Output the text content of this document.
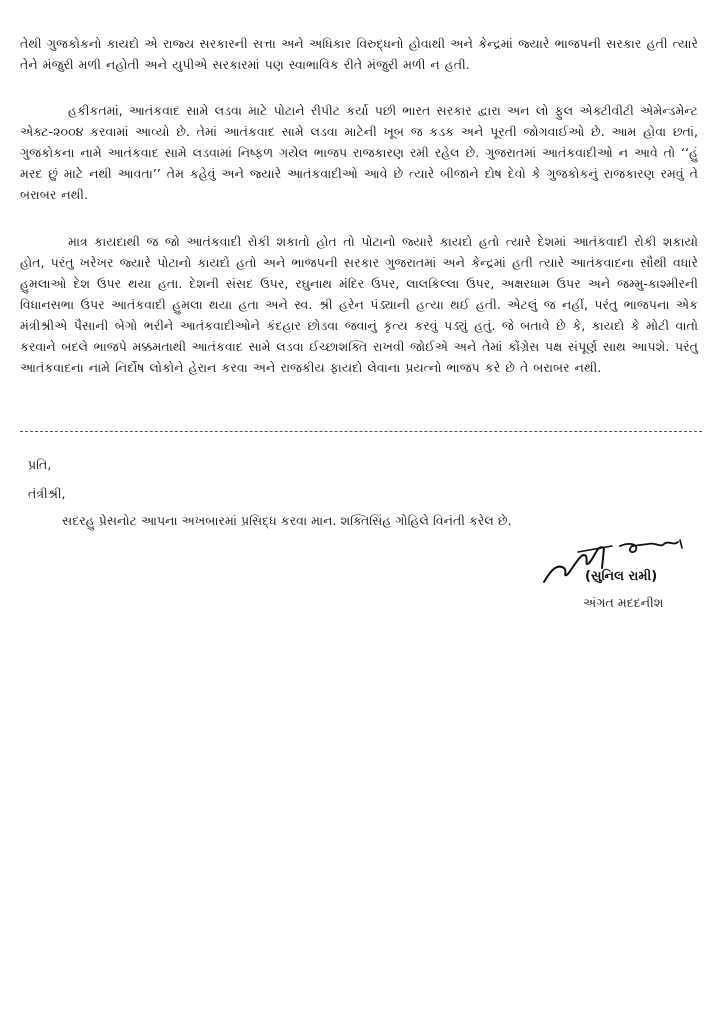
તેથી ગુજકોકનો કાયદો એ રાજ્ય સરકારની સત્તા અને અધિકાર વિરુદ્ધનો હોવાથી અને કેન્દ્રમાં જ્યારે ભાજપની સરકાર હતી ત્યારે તેને મંજુરી મળી નહોતી અને યુપીએ સરકારમાં પણ સ્વાભાવિક રીતે મંજુરી મળી ન હતી.

હકીકતમાં, આતંકવાદ સામે લડવા માટે પોટાને રીપીટ કર્યા પછી ભારત સરકાર દ્વારા અન લો ફુલ એક્ટીવીટી એમેન્ડમેન્ટ એક્ટ-૨૦૦૪ કરવામાં આવ્યો છે. તેમાં આતંકવાદ સામે લડવા માટેની ખૂબ જ કડક અને પૂરતી જોગવાઈઓ છે. આમ હોવા છતાં, ગુજકોકના નામે આતંકવાદ સામે લડવામાં નિષ્ફળ ગયેલ ભાજપ રાજકારણ રમી રહેલ છે. ગુજરાતમાં આતંકવાદીઓ ન આવે તો ‘‘હું મરદ છું માટે નથી આવતા’’ તેમ કહેવું અને જ્યારે આતંકવાદીઓ આવે છે ત્યારે બીજાને દોષ દેવો કે ગુજકોકનું રાજકારણ રમવું તે બરાબર નથી.

માત્ર કાયદાથી જ જો આતંકવાદી રોકી શકાતો હોત તો પોટાનો જ્યારે કાયદો હતો ત્યારે દેશમાં આતંકવાદી રોકી શકાયો હોત, પરંતુ ખરેખર જ્યારે પોટાનો કાયદો હતો અને ભાજપની સરકાર ગુજરાતમાં અને કેન્દ્રમાં હતી ત્યારે આતંકવાદના સૌથી વધારે હુમલાઓ દેશ ઉપર થયા હતા. દેશની સંસદ ઉપર, રઘુનાથ મંદિર ઉપર, લાલકિલ્લા ઉપર, અક્ષરધામ ઉપર અને જમ્મુ-કાશ્મીરની વિધાનસભા ઉપર આતંકવાદી હુમલા થયા હતા અને સ્વ. શ્રી હરેન પંડ્યાની હત્યા થઈ હતી. એટલું જ નહીં, પરંતુ ભાજપના એક મંત્રીશ્રીએ પૈસાની બેગો ભરીને આતંકવાદીઓને કંદહાર છોડવા જવાનું કૃત્ય કરવું પડ્યું હતું. જે બતાવે છે કે, કાયદો કે મોટી વાતો કરવાને બદલે ભાજપે મક્કમતાથી આતંકવાદ સામે લડવા ઈચ્છાશક્તિ રાખવી જોઈએ અને તેમાં કોંગ્રેસ પક્ષ સંપૂર્ણ સાથ આપશે. પરંતુ આતંકવાદના નામે નિર્દોષ લોકોને હેરાન કરવા અને રાજકીય ફાયદો લેવાના પ્રયત્નો ભાજપ કરે છે તે બરાબર નથી.

પ્રતિ,

તંત્રીશ્રી,

સદરહુ પ્રેસનોટ આપના અખબારમાં પ્રસિદ્ધ કરવા માન. શક્તિસિંહ ગોહિલે વિનંતી કરેલ છે.

(સુનિલ રામી)

અંગત મદદનીશ
